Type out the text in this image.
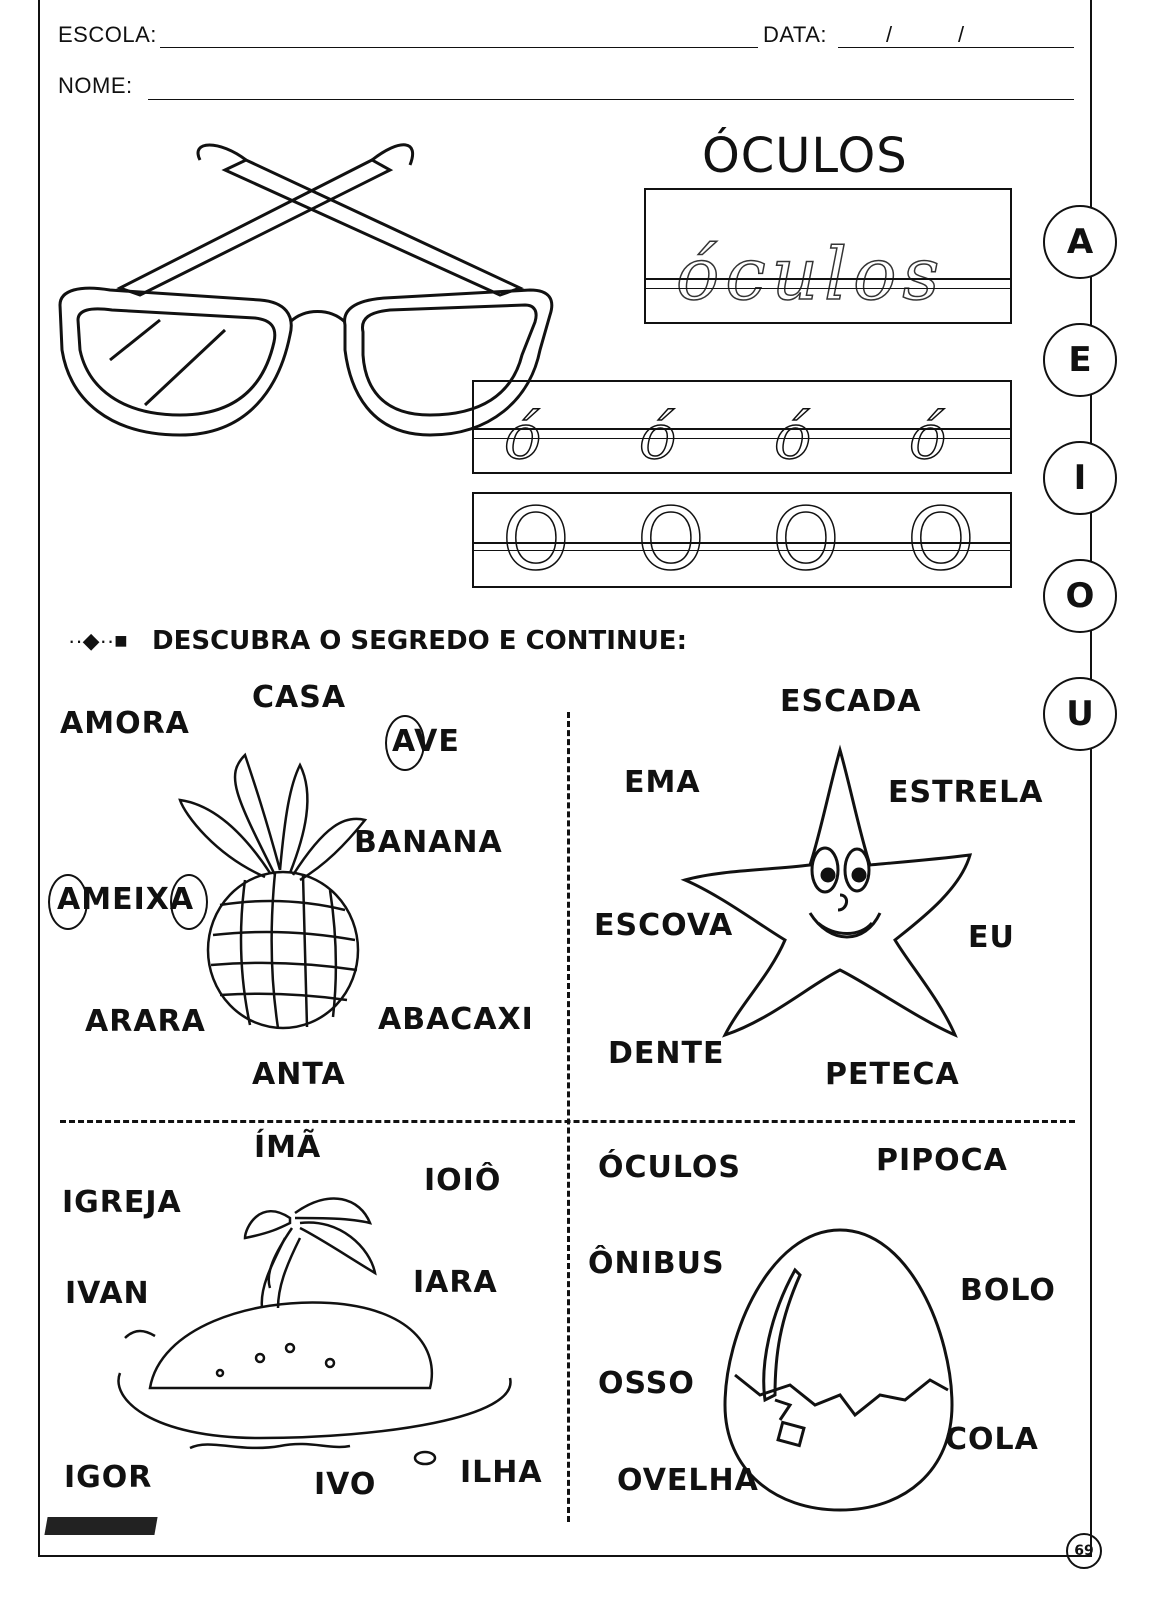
ESCOLA:	DATA:	/	/
NOME:
ÓCULOS
óculos
ó ó ó ó
O O O O
A
E
I
O
U
··◆··■ DESCUBRA O SEGREDO E CONTINUE:
AMORA
CASA
AVE
BANANA
AMEIXA
ARARA	ABACAXI
ANTA
ESCADA
EMA	ESTRELA
ESCOVA	EU
DENTE
PETECA
ÍMÃ
IOIÔ
IGREJA
IVAN	IARA
IGOR	IVO	ILHA
ÓCULOS	PIPOCA
ÔNIBUS
BOLO
OSSO
COLA
OVELHA
69
